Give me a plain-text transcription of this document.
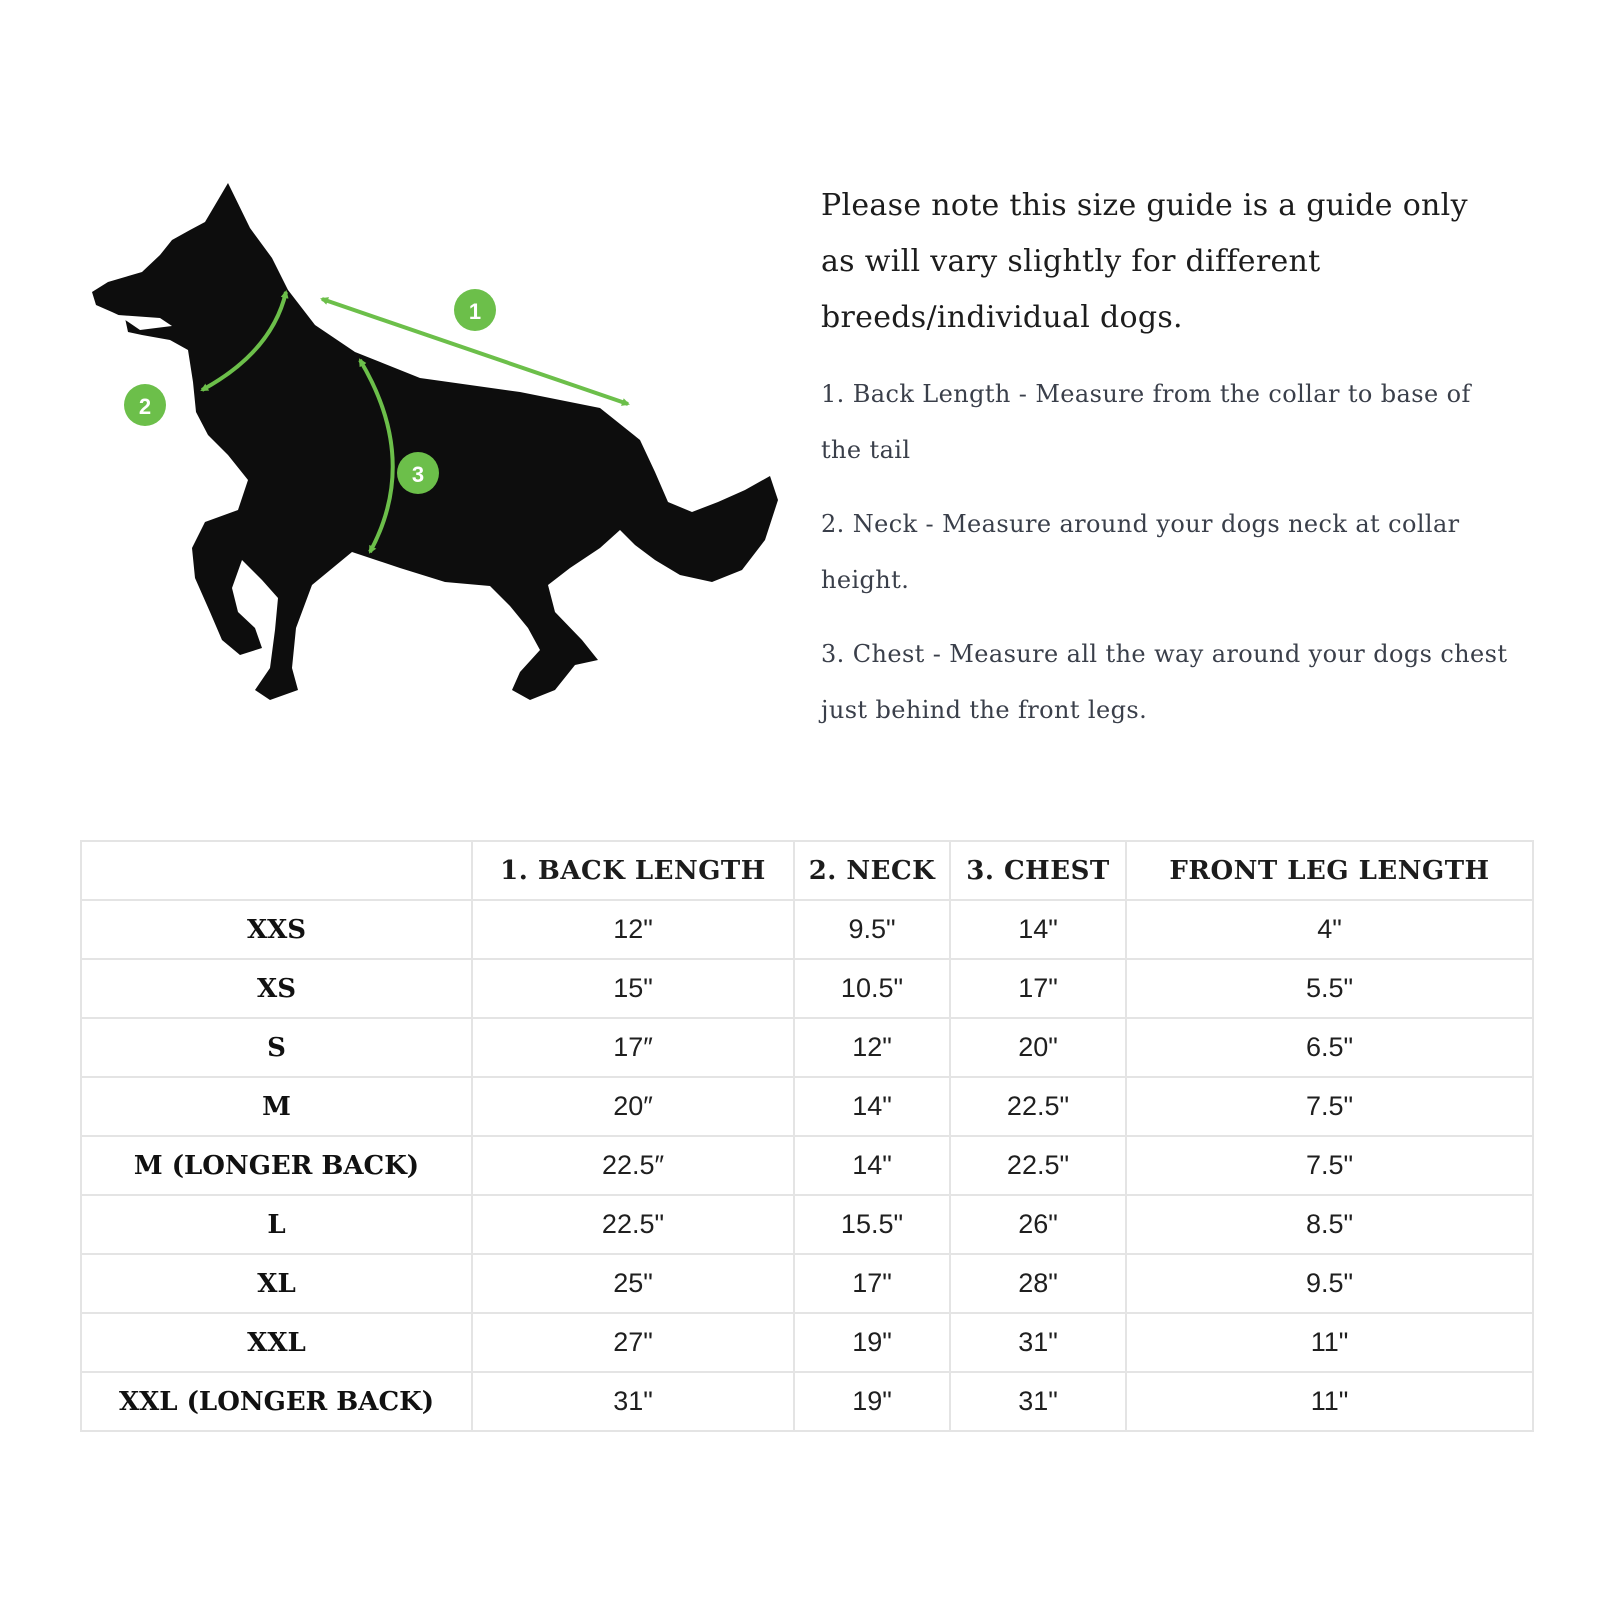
1
2
3

Please note this size guide is a guide only as will vary slightly for different breeds/individual dogs.

1. Back Length - Measure from the collar to base of the tail

2. Neck - Measure around your dogs neck at collar height.

3. Chest - Measure all the way around your dogs chest just behind the front legs.

	1. BACK LENGTH	2. NECK	3. CHEST	FRONT LEG LENGTH
XXS	12"	9.5"	14"	4"
XS	15"	10.5"	17"	5.5"
S	17″	12"	20"	6.5"
M	20″	14"	22.5"	7.5"
M (LONGER BACK)	22.5″	14"	22.5"	7.5"
L	22.5"	15.5"	26"	8.5"
XL	25"	17"	28"	9.5"
XXL	27"	19"	31"	11"
XXL (LONGER BACK)	31"	19"	31"	11"
